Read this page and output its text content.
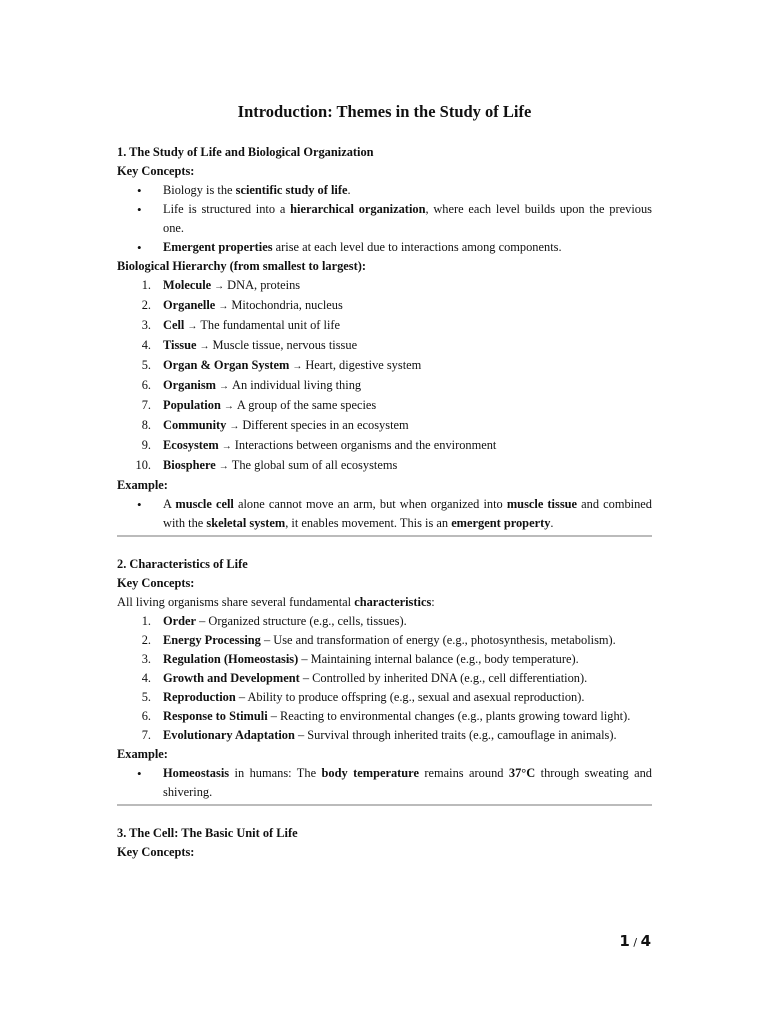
Introduction: Themes in the Study of Life

1. The Study of Life and Biological Organization

Key Concepts:

• Biology is the scientific study of life.
• Life is structured into a hierarchical organization, where each level builds upon the previous one.
• Emergent properties arise at each level due to interactions among components.

Biological Hierarchy (from smallest to largest):

1. Molecule → DNA, proteins
2. Organelle → Mitochondria, nucleus
3. Cell → The fundamental unit of life
4. Tissue → Muscle tissue, nervous tissue
5. Organ & Organ System → Heart, digestive system
6. Organism → An individual living thing
7. Population → A group of the same species
8. Community → Different species in an ecosystem
9. Ecosystem → Interactions between organisms and the environment
10. Biosphere → The global sum of all ecosystems

Example:

• A muscle cell alone cannot move an arm, but when organized into muscle tissue and combined with the skeletal system, it enables movement. This is an emergent property.

2. Characteristics of Life

Key Concepts:

All living organisms share several fundamental characteristics:

1. Order – Organized structure (e.g., cells, tissues).
2. Energy Processing – Use and transformation of energy (e.g., photosynthesis, metabolism).
3. Regulation (Homeostasis) – Maintaining internal balance (e.g., body temperature).
4. Growth and Development – Controlled by inherited DNA (e.g., cell differentiation).
5. Reproduction – Ability to produce offspring (e.g., sexual and asexual reproduction).
6. Response to Stimuli – Reacting to environmental changes (e.g., plants growing toward light).
7. Evolutionary Adaptation – Survival through inherited traits (e.g., camouflage in animals).

Example:

• Homeostasis in humans: The body temperature remains around 37°C through sweating and shivering.

3. The Cell: The Basic Unit of Life

Key Concepts:

1 / 4
